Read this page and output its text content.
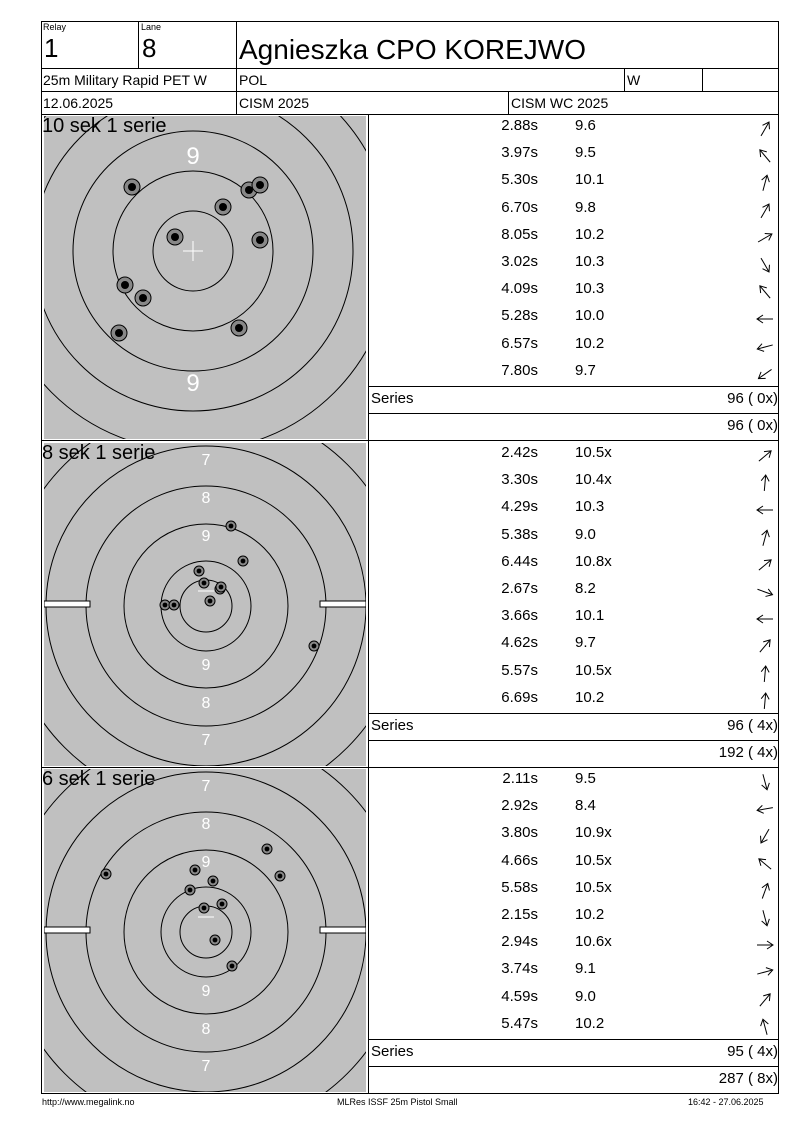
Relay
1
Lane
8	Agnieszka CPO KOREJWO
25m Military Rapid PET W POL	W
12.06.2025	CISM 2025	CISM WC 2025
9
9
10 sek 1 serie	2.88s 9.6
3.97s 9.5
5.30s 10.1
6.70s 9.8
8.05s 10.2
3.02s 10.3
4.09s 10.3
5.28s 10.0
6.57s 10.2
7.80s 9.7
Series	96 ( 0x)
96 ( 0x)
7
8
9
9
8
7
8 sek 1 serie	2.42s 10.5x
3.30s 10.4x
4.29s 10.3
5.38s 9.0
6.44s 10.8x
2.67s 8.2
3.66s 10.1
4.62s 9.7
5.57s 10.5x
6.69s 10.2
Series	96 ( 4x)
192 ( 4x)
7
8
9
9
8
7
6 sek 1 serie	2.11s 9.5
2.92s 8.4
3.80s 10.9x
4.66s 10.5x
5.58s 10.5x
2.15s 10.2
2.94s 10.6x
3.74s 9.1
4.59s 9.0
5.47s 10.2
Series	95 ( 4x)
287 ( 8x)
http://www.megalink.no	MLRes ISSF 25m Pistol Small	16:42 - 27.06.2025
